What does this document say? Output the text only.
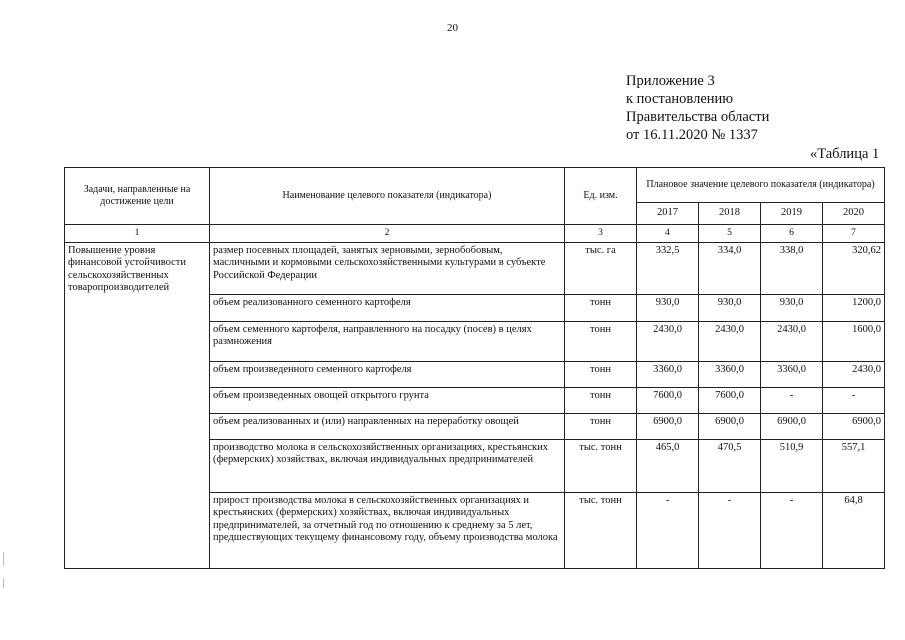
20
Приложение 3
к постановлению
Правительства области
от 16.11.2020 № 1337
«Таблица 1
Задачи, направленные на достижение цели	Наименование целевого показателя (индикатора)	Ед. изм.	Плановое значение целевого показателя (индикатора)			
			2017	2018	2019	2020
1	2	3	4	5	6	7
Повышение уровня финансовой устойчивости сельскохозяйственных товаропроизводителей	размер посевных площадей, занятых зерновыми, зернобобовым, масличными и кормовыми сельскохозяйственными культурами в субъекте Российской Федерации	тыс. га	332,5	334,0	338,0	320,62
	объем реализованного семенного картофеля	тонн	930,0	930,0	930,0	1200,0
	объем семенного картофеля, направленного на посадку (посев) в целях размножения	тонн	2430,0	2430,0	2430,0	1600,0
	объем произведенного семенного картофеля	тонн	3360,0	3360,0	3360,0	2430,0
	объем произведенных овощей открытого грунта	тонн	7600,0	7600,0	-	-
	объем реализованных и (или) направленных на переработку овощей	тонн	6900,0	6900,0	6900,0	6900,0
	производство молока в сельскохозяйственных организациях, крестьянских (фермерских) хозяйствах, включая индивидуальных предпринимателей	тыс. тонн	465,0	470,5	510,9	557,1
	прирост производства молока в сельскохозяйственных организациях и крестьянских (фермерских) хозяйствах, включая индивидуальных предпринимателей, за отчетный год по отношению к среднему за 5 лет, предшествующих текущему финансовому году, объему производства молока	тыс. тонн	-	-	-	64,8
